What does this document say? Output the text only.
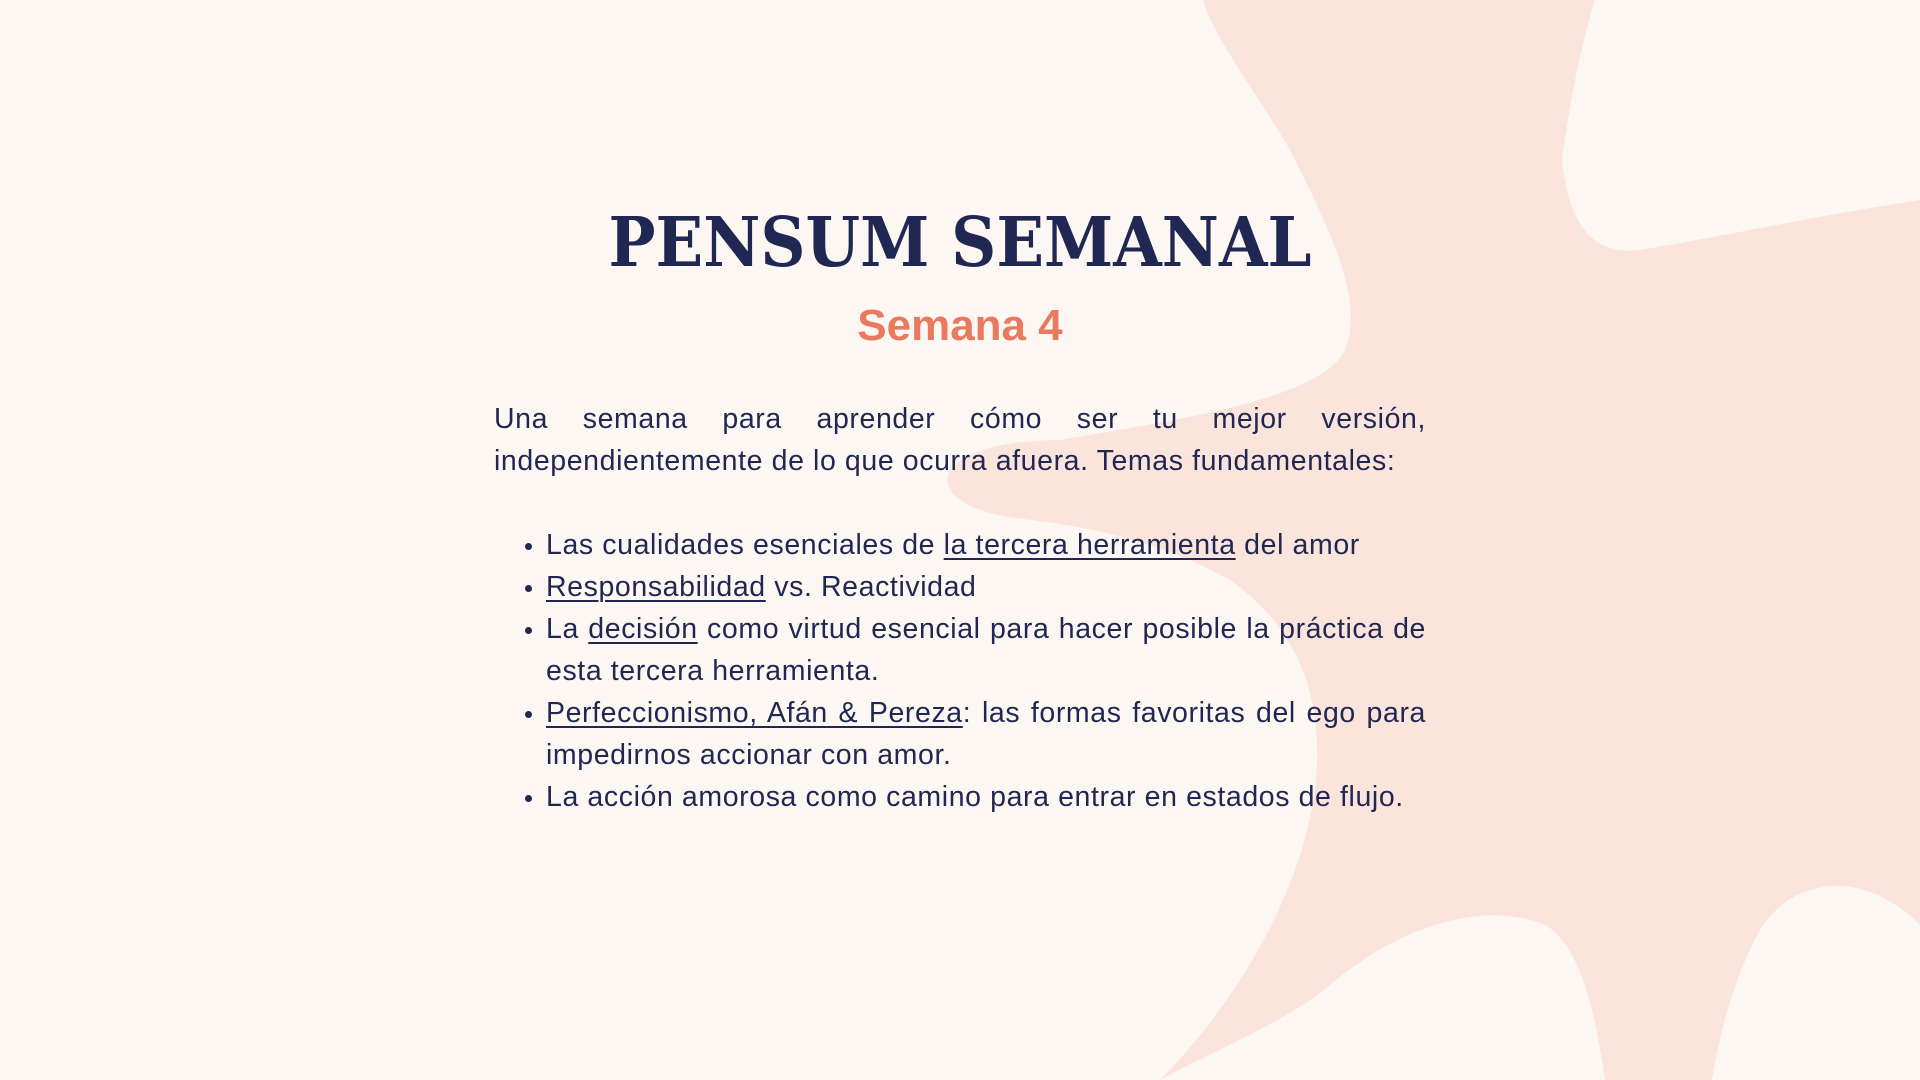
PENSUM SEMANAL
Semana 4

Una semana para aprender cómo ser tu mejor versión, independientemente de lo que ocurra afuera. Temas fundamentales:

• Las cualidades esenciales de la tercera herramienta del amor
• Responsabilidad vs. Reactividad
• La decisión como virtud esencial para hacer posible la práctica de esta tercera herramienta.
• Perfeccionismo, Afán & Pereza: las formas favoritas del ego para impedirnos accionar con amor.
• La acción amorosa como camino para entrar en estados de flujo.
